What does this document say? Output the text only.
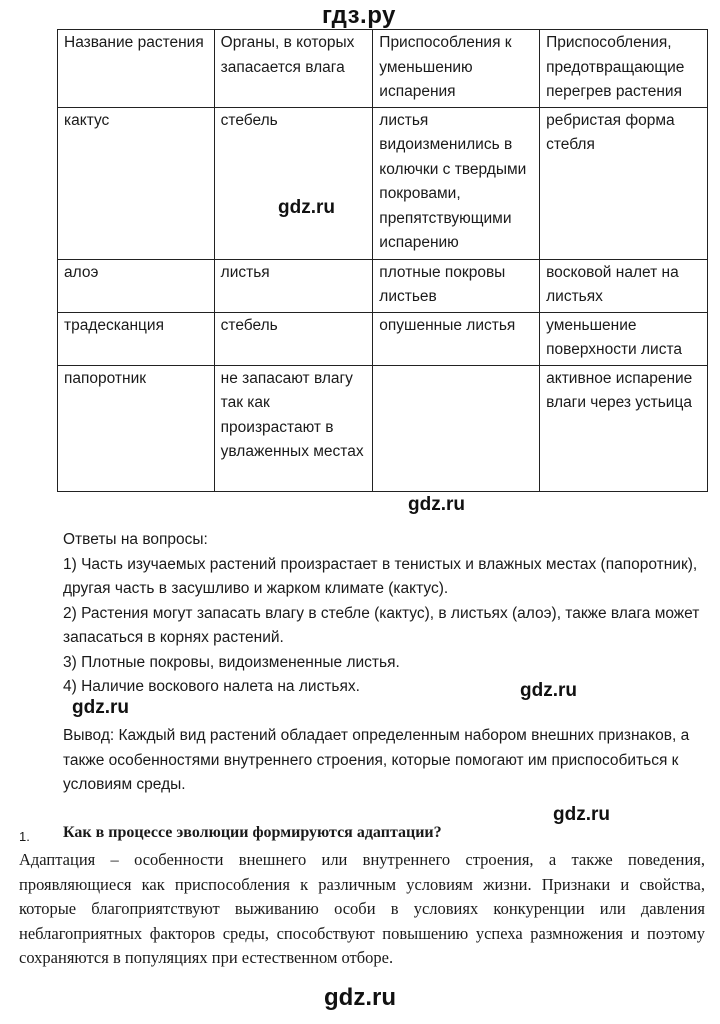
гдз.ру
Название растения	Органы, в которых запасается влага	Приспособления к уменьшению испарения	Приспособления, предотвращающие перегрев растения
кактус	стебель	листья видоизменились в колючки с твердыми покровами, препятствующими испарению	ребристая форма стебля
алоэ	листья	плотные покровы листьев	восковой налет на листьях
традесканция	стебель	опушенные листья	уменьшение поверхности листа
папоротник	не запасают влагу так как произрастают в увлаженных местах		активное испарение влаги через устьица
gdz.ru
gdz.ru

Ответы на вопросы:

1) Часть изучаемых растений произрастает в тенистых и влажных местах (папоротник), другая часть в засушливо и жарком климате (кактус).

2) Растения могут запасать влагу в стебле (кактус), в листьях (алоэ), также влага может запасаться в корнях растений.

3) Плотные покровы, видоизмененные листья.

4) Наличие воскового налета на листьях.	gdz.ru
gdz.ru
Вывод: Каждый вид растений обладает определенным набором внешних признаков, а также особенностями внутреннего строения, которые помогают им приспособиться к условиям среды.
gdz.ru
1. Как в процессе эволюции формируются адаптации?

Адаптация – особенности внешнего или внутреннего строения, а также поведения, проявляющиеся как приспособления к различным условиям жизни. Признаки и свойства, которые благоприятствуют выживанию особи в условиях конкуренции или давления неблагоприятных факторов среды, способствуют повышению успеха размножения и поэтому сохраняются в популяциях при естественном отборе.

gdz.ru
